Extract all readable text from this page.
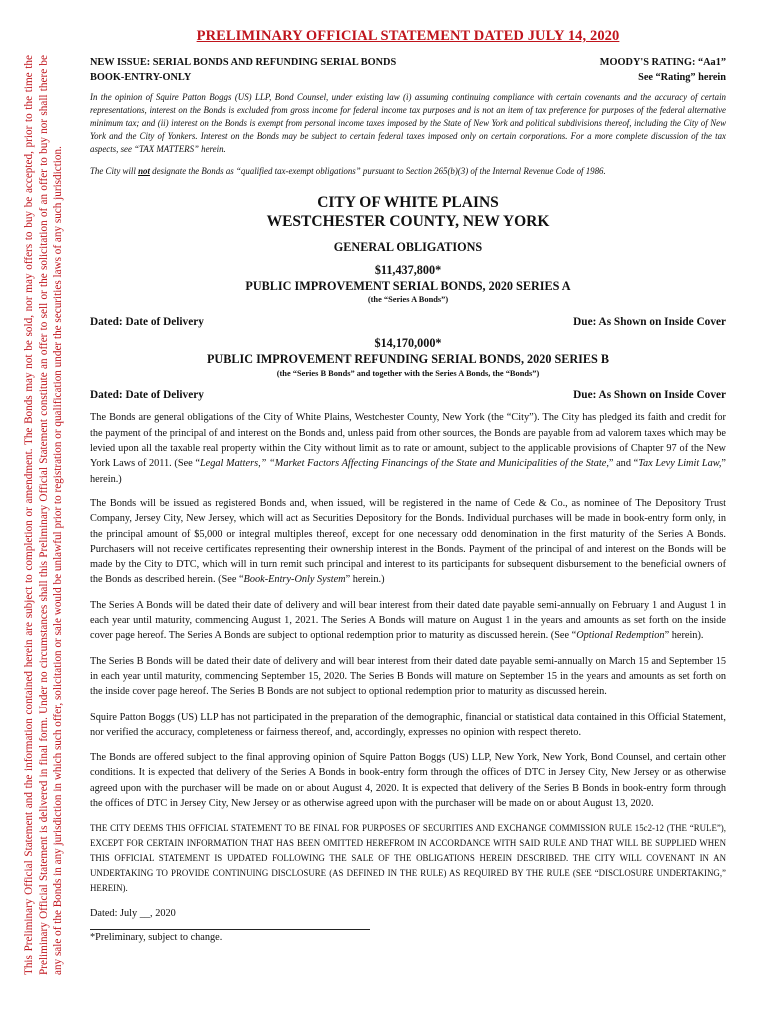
This Preliminary Official Statement and the information contained herein are subject to completion or amendment. The Bonds may not be sold, nor may offers to buy be accepted, prior to the time the Preliminary Official Statement is delivered in final form. Under no circumstances shall this Preliminary Official Statement constitute an offer to sell or the solicitation of an offer to buy nor shall there be any sale of the Bonds in any jurisdiction in which such offer, solicitation or sale would be unlawful prior to registration or qualification under the securities laws of any such jurisdiction.
PRELIMINARY OFFICIAL STATEMENT DATED JULY 14, 2020
NEW ISSUE: SERIAL BONDS AND REFUNDING SERIAL BONDS
BOOK-ENTRY-ONLY
MOODY'S RATING: “Aa1”
See “Rating” herein
In the opinion of Squire Patton Boggs (US) LLP, Bond Counsel, under existing law (i) assuming continuing compliance with certain covenants and the accuracy of certain representations, interest on the Bonds is excluded from gross income for federal income tax purposes and is not an item of tax preference for purposes of the federal alternative minimum tax; and (ii) interest on the Bonds is exempt from personal income taxes imposed by the State of New York and political subdivisions thereof, including the City of New York and the City of Yonkers. Interest on the Bonds may be subject to certain federal taxes imposed only on certain corporations. For a more complete discussion of the tax aspects, see “TAX MATTERS” herein.
The City will not designate the Bonds as “qualified tax-exempt obligations” pursuant to Section 265(b)(3) of the Internal Revenue Code of 1986.
CITY OF WHITE PLAINS
WESTCHESTER COUNTY, NEW YORK
GENERAL OBLIGATIONS
$11,437,800*
PUBLIC IMPROVEMENT SERIAL BONDS, 2020 SERIES A
(the “Series A Bonds”)
Dated: Date of Delivery	Due: As Shown on Inside Cover
$14,170,000*
PUBLIC IMPROVEMENT REFUNDING SERIAL BONDS, 2020 SERIES B
(the “Series B Bonds” and together with the Series A Bonds, the “Bonds”)
Dated: Date of Delivery	Due: As Shown on Inside Cover

The Bonds are general obligations of the City of White Plains, Westchester County, New York (the “City”). The City has pledged its faith and credit for the payment of the principal of and interest on the Bonds and, unless paid from other sources, the Bonds are payable from ad valorem taxes which may be levied upon all the taxable real property within the City without limit as to rate or amount, subject to the applicable provisions of Chapter 97 of the New York Laws of 2011. (See “Legal Matters,” “Market Factors Affecting Financings of the State and Municipalities of the State,” and “Tax Levy Limit Law,” herein.)

The Bonds will be issued as registered Bonds and, when issued, will be registered in the name of Cede & Co., as nominee of The Depository Trust Company, Jersey City, New Jersey, which will act as Securities Depository for the Bonds. Individual purchases will be made in book-entry form only, in the principal amount of $5,000 or integral multiples thereof, except for one necessary odd denomination in the first maturity of the Series A Bonds. Purchasers will not receive certificates representing their ownership interest in the Bonds. Payment of the principal of and interest on the Bonds will be made by the City to DTC, which will in turn remit such principal and interest to its participants for subsequent disbursement to the beneficial owners of the Bonds as described herein. (See “Book-Entry-Only System” herein.)

The Series A Bonds will be dated their date of delivery and will bear interest from their dated date payable semi-annually on February 1 and August 1 in each year until maturity, commencing August 1, 2021. The Series A Bonds will mature on August 1 in the years and amounts as set forth on the inside cover page hereof. The Series A Bonds are subject to optional redemption prior to maturity as discussed herein. (See “Optional Redemption” herein).

The Series B Bonds will be dated their date of delivery and will bear interest from their dated date payable semi-annually on March 15 and September 15 in each year until maturity, commencing September 15, 2020. The Series B Bonds will mature on September 15 in the years and amounts as set forth on the inside cover page hereof. The Series B Bonds are not subject to optional redemption prior to maturity as discussed herein.

Squire Patton Boggs (US) LLP has not participated in the preparation of the demographic, financial or statistical data contained in this Official Statement, nor verified the accuracy, completeness or fairness thereof, and, accordingly, expresses no opinion with respect thereto.

The Bonds are offered subject to the final approving opinion of Squire Patton Boggs (US) LLP, New York, New York, Bond Counsel, and certain other conditions. It is expected that delivery of the Series A Bonds in book-entry form through the offices of DTC in Jersey City, New Jersey or as otherwise agreed upon with the purchaser will be made on or about August 4, 2020. It is expected that delivery of the Series B Bonds in book-entry form through the offices of DTC in Jersey City, New Jersey or as otherwise agreed upon with the purchaser will be made on or about August 13, 2020.

THE CITY DEEMS THIS OFFICIAL STATEMENT TO BE FINAL FOR PURPOSES OF SECURITIES AND EXCHANGE COMMISSION RULE 15c2-12 (THE “RULE”), EXCEPT FOR CERTAIN INFORMATION THAT HAS BEEN OMITTED HEREFROM IN ACCORDANCE WITH SAID RULE AND THAT WILL BE SUPPLIED WHEN THIS OFFICIAL STATEMENT IS UPDATED FOLLOWING THE SALE OF THE OBLIGATIONS HEREIN DESCRIBED. THE CITY WILL COVENANT IN AN UNDERTAKING TO PROVIDE CONTINUING DISCLOSURE (AS DEFINED IN THE RULE) AS REQUIRED BY THE RULE (SEE “DISCLOSURE UNDERTAKING,” HEREIN).

Dated: July __, 2020
*Preliminary, subject to change.
